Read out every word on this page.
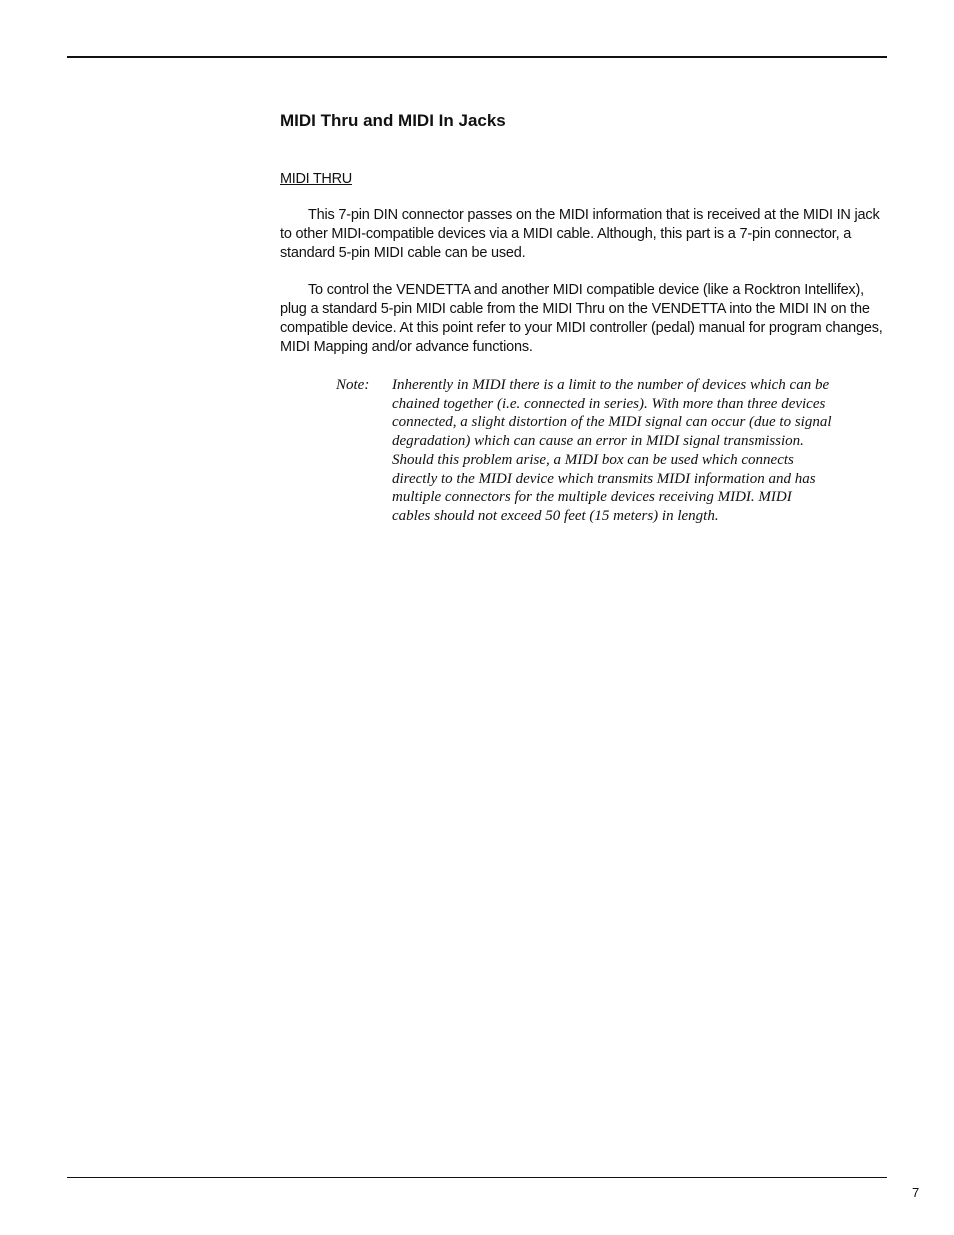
MIDI Thru and MIDI In Jacks
MIDI THRU

This 7-pin DIN connector passes on the MIDI information that is received at the MIDI IN jack to other MIDI-compatible devices via a MIDI cable. Although, this part is a 7-pin connector, a standard 5-pin MIDI cable can be used.

To control the VENDETTA and another MIDI compatible device (like a Rocktron Intellifex), plug a standard 5-pin MIDI cable from the MIDI Thru on the VENDETTA into the MIDI IN on the compatible device. At this point refer to your MIDI controller (pedal) manual for program changes, MIDI Mapping and/or advance functions.

Note: Inherently in MIDI there is a limit to the number of devices which can be chained together (i.e. connected in series). With more than three devices connected, a slight distortion of the MIDI signal can occur (due to signal degradation) which can cause an error in MIDI signal transmission. Should this problem arise, a MIDI box can be used which connects directly to the MIDI device which transmits MIDI information and has multiple connectors for the multiple devices receiving MIDI. MIDI cables should not exceed 50 feet (15 meters) in length.

7
